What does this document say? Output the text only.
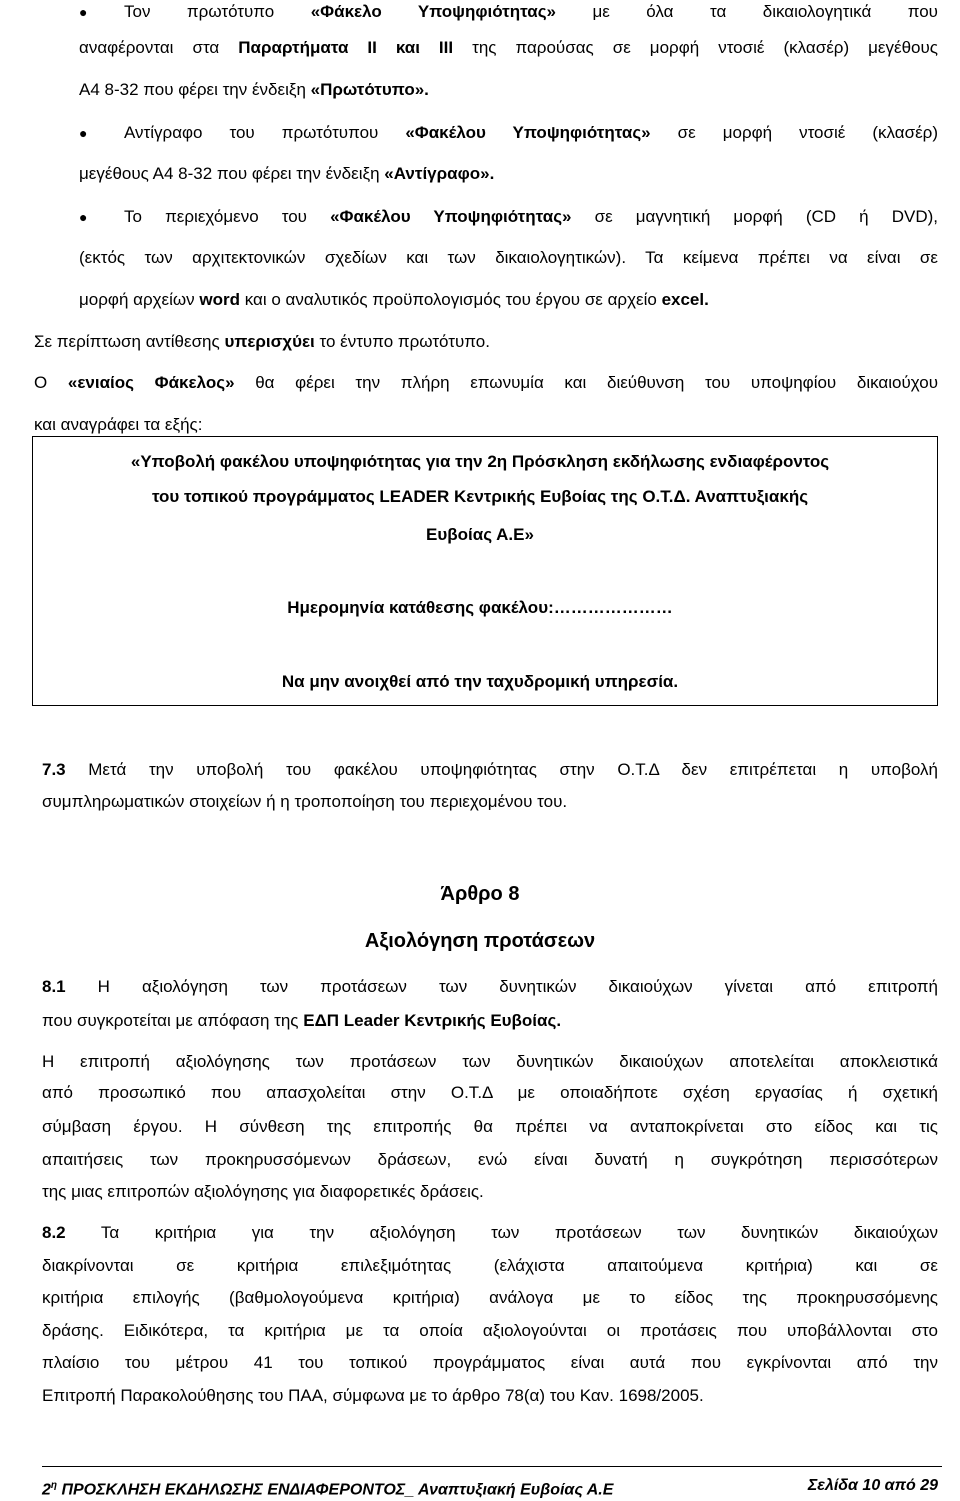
● Τον πρωτότυπο «Φάκελο Υποψηφιότητας» με όλα τα δικαιολογητικά που
αναφέρονται στα Παραρτήματα ΙΙ και ΙΙΙ της παρούσας σε μορφή ντοσιέ (κλασέρ) μεγέθους
Α4 8-32 που φέρει την ένδειξη «Πρωτότυπο».
● Αντίγραφο του πρωτότυπου «Φακέλου Υποψηφιότητας» σε μορφή ντοσιέ (κλασέρ)
μεγέθους Α4 8-32 που φέρει την ένδειξη «Αντίγραφο».
● Το περιεχόμενο του «Φακέλου Υποψηφιότητας» σε μαγνητική μορφή (CD ή DVD),
(εκτός των αρχιτεκτονικών σχεδίων και των δικαιολογητικών). Τα κείμενα πρέπει να είναι σε
μορφή αρχείων word και ο αναλυτικός προϋπολογισμός του έργου σε αρχείο excel.
Σε περίπτωση αντίθεσης υπερισχύει το έντυπο πρωτότυπο.
Ο «ενιαίος Φάκελος» θα φέρει την πλήρη επωνυμία και διεύθυνση του υποψηφίου δικαιούχου
και αναγράφει τα εξής:
«Υποβολή φακέλου υποψηφιότητας για την 2η Πρόσκληση εκδήλωσης ενδιαφέροντος
του τοπικού προγράμματος LEADER Κεντρικής Ευβοίας της Ο.Τ.Δ. Αναπτυξιακής
Ευβοίας Α.Ε»
Ημερομηνία κατάθεσης φακέλου:…………………
Να μην ανοιχθεί από την ταχυδρομική υπηρεσία.
7.3 Μετά την υποβολή του φακέλου υποψηφιότητας στην Ο.Τ.Δ δεν επιτρέπεται η υποβολή
συμπληρωματικών στοιχείων ή η τροποποίηση του περιεχομένου του.
Άρθρο 8
Αξιολόγηση προτάσεων
8.1 Η αξιολόγηση των προτάσεων των δυνητικών δικαιούχων γίνεται από επιτροπή
που συγκροτείται με απόφαση της ΕΔΠ Leader Κεντρικής Ευβοίας.
Η επιτροπή αξιολόγησης των προτάσεων των δυνητικών δικαιούχων αποτελείται αποκλειστικά
από προσωπικό που απασχολείται στην Ο.Τ.Δ με οποιαδήποτε σχέση εργασίας ή σχετική
σύμβαση έργου. Η σύνθεση της επιτροπής θα πρέπει να ανταποκρίνεται στο είδος και τις
απαιτήσεις των προκηρυσσόμενων δράσεων, ενώ είναι δυνατή η συγκρότηση περισσότερων
της μιας επιτροπών αξιολόγησης για διαφορετικές δράσεις.
8.2 Τα κριτήρια για την αξιολόγηση των προτάσεων των δυνητικών δικαιούχων
διακρίνονται σε κριτήρια επιλεξιμότητας (ελάχιστα απαιτούμενα κριτήρια) και σε
κριτήρια επιλογής (βαθμολογούμενα κριτήρια) ανάλογα με το είδος της προκηρυσσόμενης
δράσης. Ειδικότερα, τα κριτήρια με τα οποία αξιολογούνται οι προτάσεις που υποβάλλονται στο
πλαίσιο του μέτρου 41 του τοπικού προγράμματος είναι αυτά που εγκρίνονται από την
Επιτροπή Παρακολούθησης του ΠΑΑ, σύμφωνα με το άρθρο 78(α) του Καν. 1698/2005.
$2^\eta$ ΠΡΟΣΚΛΗΣΗ ΕΚΔΗΛΩΣΗΣ ΕΝΔΙΑΦΕΡΟΝΤΟΣ_ Αναπτυξιακή Ευβοίας Α.Ε	Σελίδα 10 από 29
